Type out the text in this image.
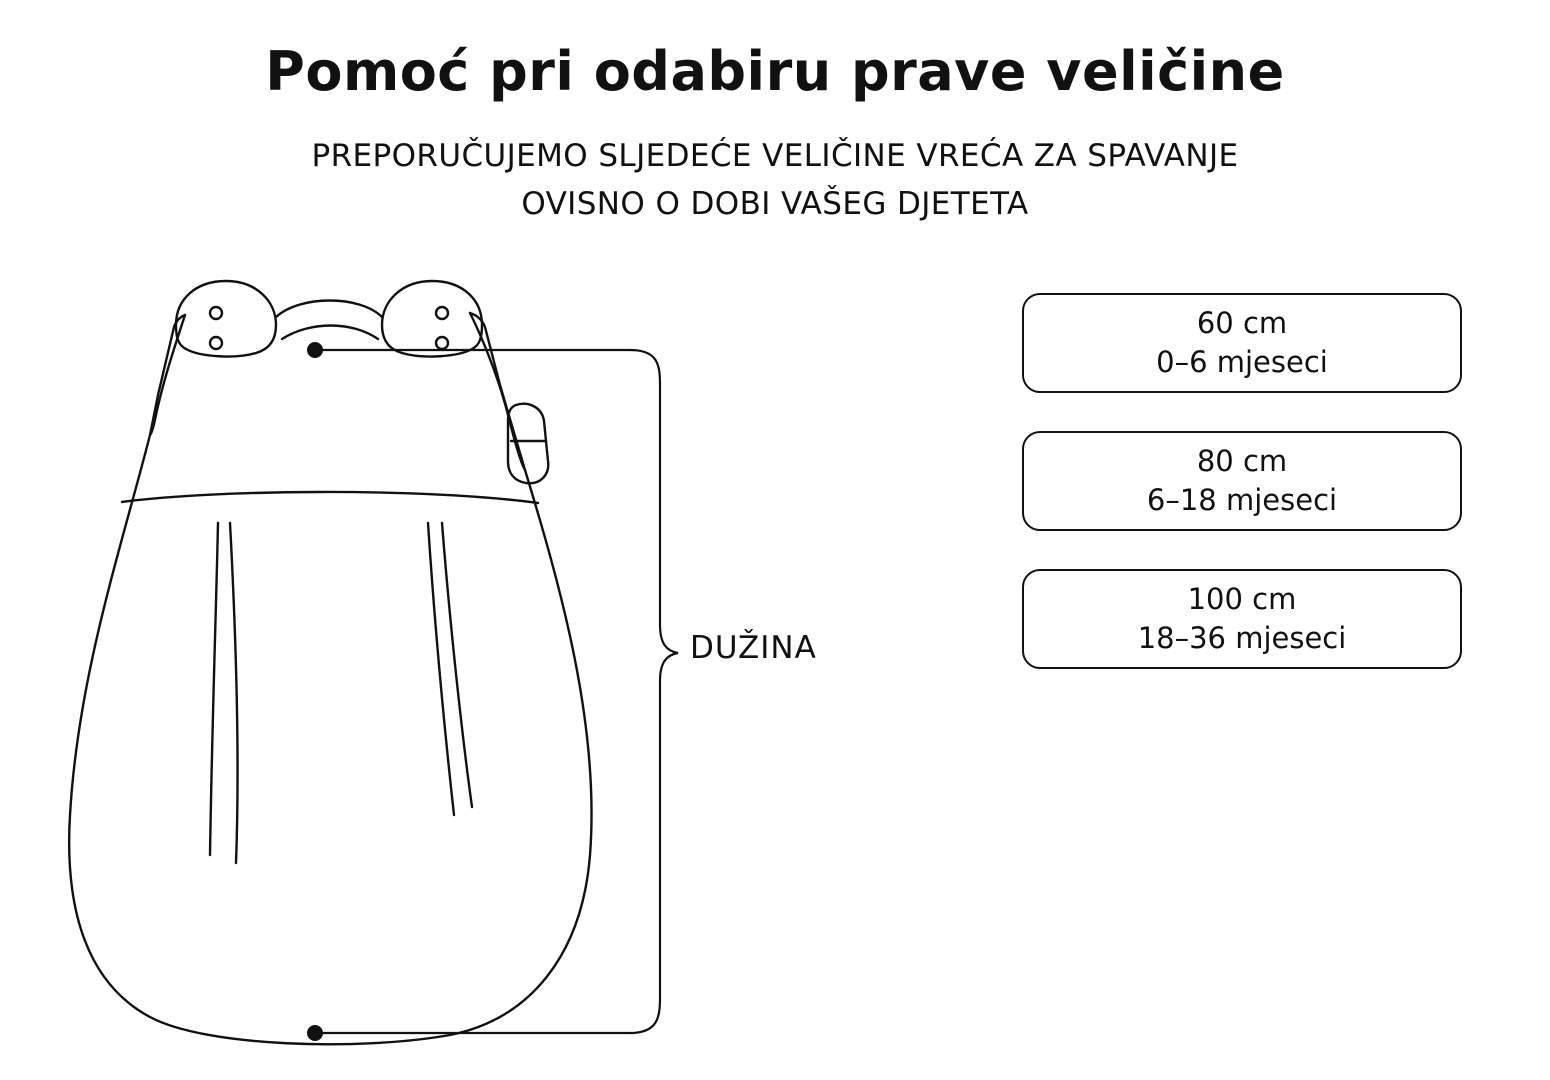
Pomoć pri odabiru prave veličine
PREPORUČUJEMO SLJEDEĆE VELIČINE VREĆA ZA SPAVANJE
OVISNO O DOBI VAŠEG DJETETA
DUŽINA
60 cm
0–6 mjeseci
80 cm
6–18 mjeseci
100 cm
18–36 mjeseci
